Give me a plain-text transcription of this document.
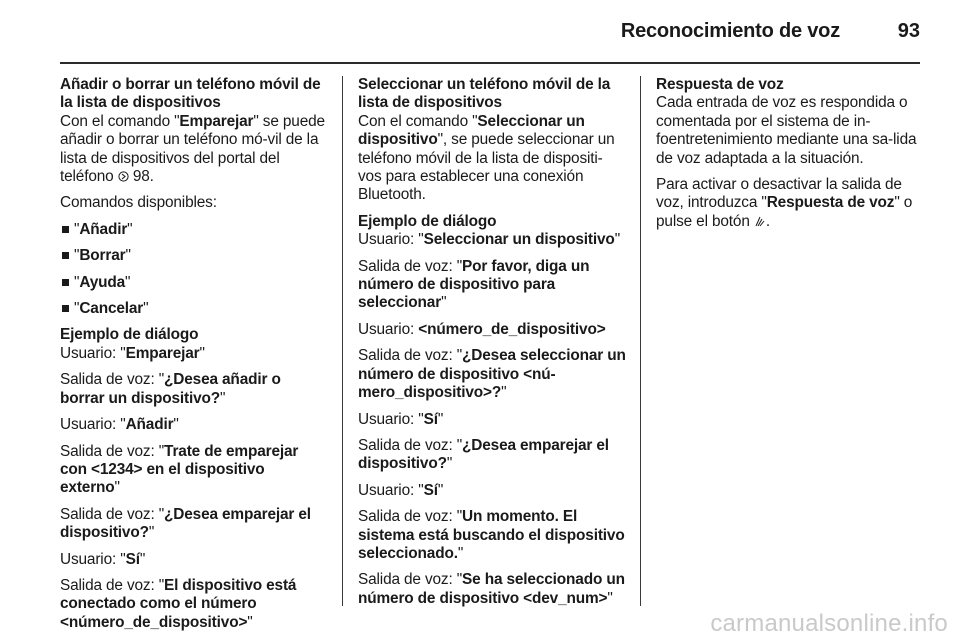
Reconocimiento de voz	93

Añadir o borrar un teléfono móvil de la lista de dispositivos

Con el comando "Emparejar" se puede añadir o borrar un teléfono mó-vil de la lista de dispositivos del portal del teléfono  98.

Comandos disponibles:

"Añadir"
"Borrar"
"Ayuda"
"Cancelar"

Ejemplo de diálogo

Usuario: "Emparejar"

Salida de voz: "¿Desea añadir o borrar un dispositivo?"

Usuario: "Añadir"

Salida de voz: "Trate de emparejar con <1234> en el dispositivo externo"

Salida de voz: "¿Desea emparejar el dispositivo?"

Usuario: "Sí"

Salida de voz: "El dispositivo está conectado como el número <número_de_dispositivo>"

Seleccionar un teléfono móvil de la lista de dispositivos

Con el comando "Seleccionar un dispositivo", se puede seleccionar un teléfono móvil de la lista de dispositi-vos para establecer una conexión Bluetooth.

Ejemplo de diálogo

Usuario: "Seleccionar un dispositivo"

Salida de voz: "Por favor, diga un número de dispositivo para seleccionar"

Usuario: <número_de_dispositivo>

Salida de voz: "¿Desea seleccionar un número de dispositivo <nú-mero_dispositivo>?"

Usuario: "Sí"

Salida de voz: "¿Desea emparejar el dispositivo?"

Usuario: "Sí"

Salida de voz: "Un momento. El sistema está buscando el dispositivo seleccionado."

Salida de voz: "Se ha seleccionado un número de dispositivo <dev_num>"

Respuesta de voz

Cada entrada de voz es respondida o comentada por el sistema de in-foentretenimiento mediante una sa-lida de voz adaptada a la situación.

Para activar o desactivar la salida de voz, introduzca "Respuesta de voz" o pulse el botón .

carmanualsonline.info
